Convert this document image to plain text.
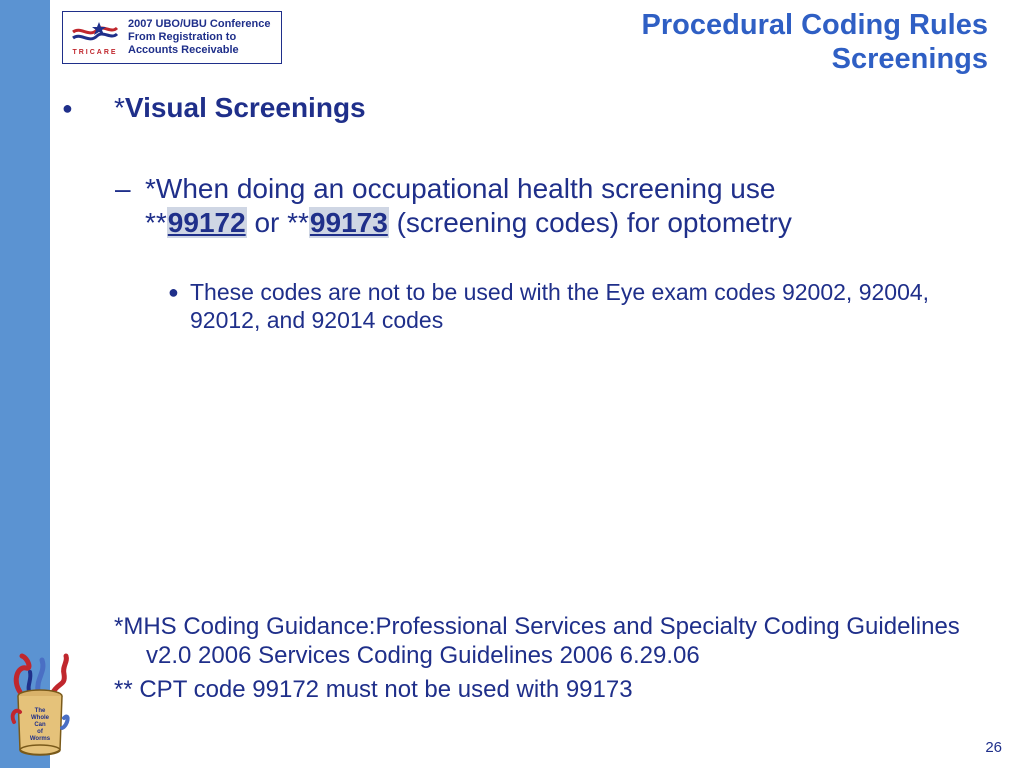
TRICARE
2007 UBO/UBU Conference
From Registration to
Accounts Receivable
Procedural Coding Rules
Screenings
● *Visual Screenings
– *When doing an occupational health screening use
**99172 or **99173 (screening codes) for optometry
● These codes are not to be used with the Eye exam codes 92002, 92004, 92012, and 92014 codes

*MHS Coding Guidance:Professional Services and Specialty Coding Guidelines v2.0 2006 Services Coding Guidelines 2006 6.29.06

** CPT code 99172 must not be used with 99173

The
Whole
Can
of
Worms	26
